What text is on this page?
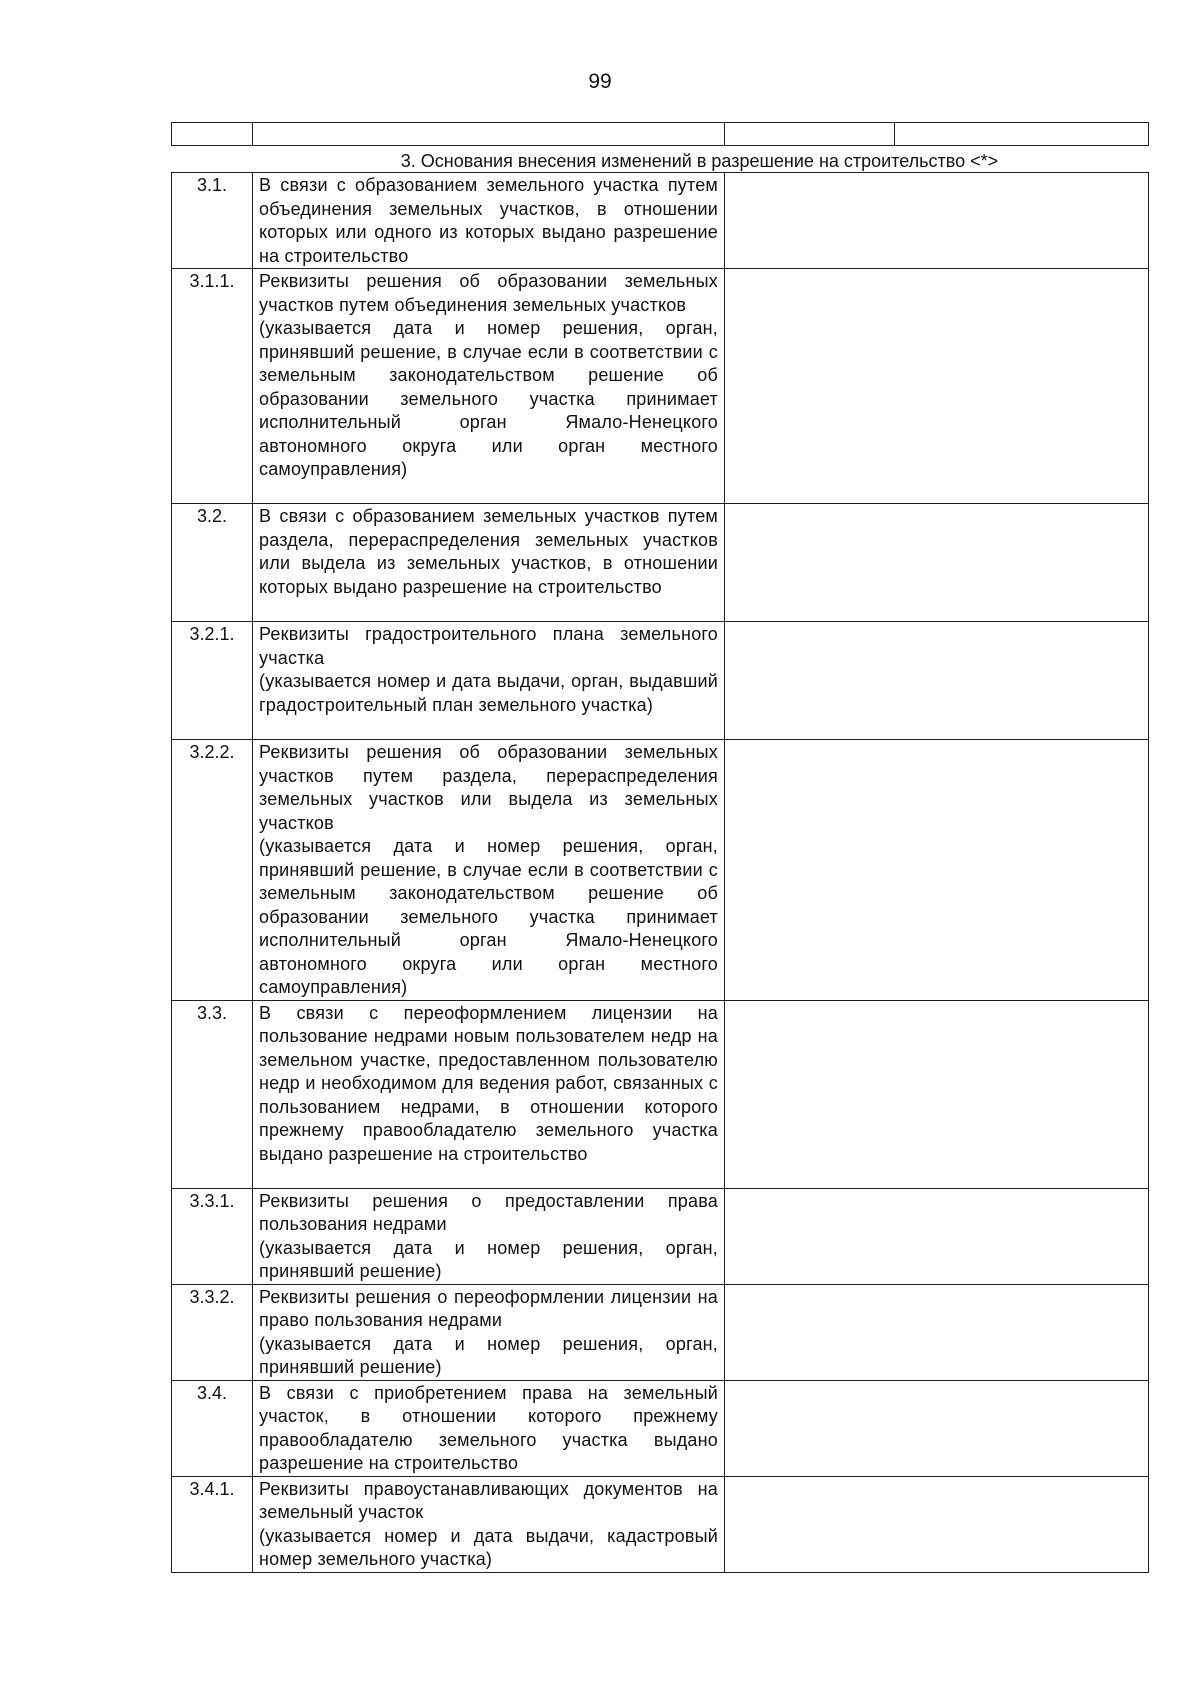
99

3. Основания внесения изменений в разрешение на строительство <*>
3.1.	В связи с образованием земельного участка путем объединения земельных участков, в отношении которых или одного из которых выдано разрешение на строительство	

3.1.1.	Реквизиты решения об образовании земельных участков путем объединения земельных участков
(указывается дата и номер решения, орган, принявший решение, в случае если в соответствии с земельным законодательством решение об образовании земельного участка принимает исполнительный орган Ямало-Ненецкого автономного округа или орган местного самоуправления)	

3.2.	В связи с образованием земельных участков путем раздела, перераспределения земельных участков или выдела из земельных участков, в отношении которых выдано разрешение на строительство	

3.2.1.	Реквизиты градостроительного плана земельного участка
(указывается номер и дата выдачи, орган, выдавший градостроительный план земельного участка)	

3.2.2.	Реквизиты решения об образовании земельных участков путем раздела, перераспределения земельных участков или выдела из земельных участков
(указывается дата и номер решения, орган, принявший решение, в случае если в соответствии с земельным законодательством решение об образовании земельного участка принимает исполнительный орган Ямало-Ненецкого автономного округа или орган местного самоуправления)	

3.3.	В связи с переоформлением лицензии на пользование недрами новым пользователем недр на земельном участке, предоставленном пользователю недр и необходимом для ведения работ, связанных с пользованием недрами, в отношении которого прежнему правообладателю земельного участка выдано разрешение на строительство	

3.3.1.	Реквизиты решения о предоставлении права пользования недрами
(указывается дата и номер решения, орган, принявший решение)	

3.3.2.	Реквизиты решения о переоформлении лицензии на право пользования недрами
(указывается дата и номер решения, орган, принявший решение)	

3.4.	В связи с приобретением права на земельный участок, в отношении которого прежнему правообладателю земельного участка выдано разрешение на строительство	

3.4.1.	Реквизиты правоустанавливающих документов на земельный участок
(указывается номер и дата выдачи, кадастровый номер земельного участка)	
